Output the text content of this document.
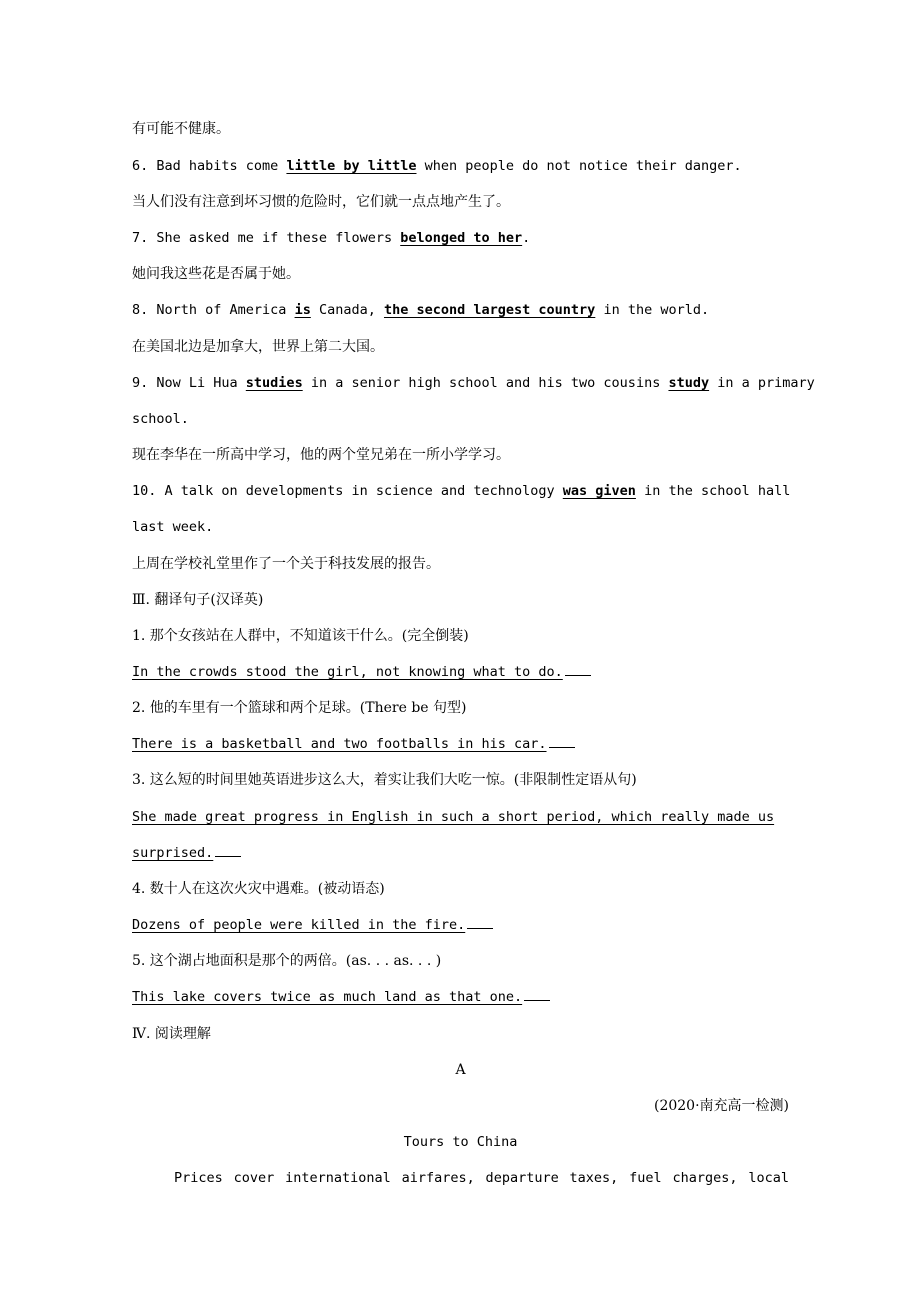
有可能不健康。
6. Bad habits come little by little when people do not notice their danger.
当人们没有注意到坏习惯的危险时，它们就一点点地产生了。
7. She asked me if these flowers belonged to her.
她问我这些花是否属于她。
8. North of America is Canada, the second largest country in the world.
在美国北边是加拿大，世界上第二大国。
9. Now Li Hua studies in a senior high school and his two cousins study in a primary
school.
现在李华在一所高中学习，他的两个堂兄弟在一所小学学习。
10. A talk on developments in science and technology was given in the school hall
last week.
上周在学校礼堂里作了一个关于科技发展的报告。
Ⅲ. 翻译句子(汉译英)
1. 那个女孩站在人群中，不知道该干什么。(完全倒装)
In the crowds stood the girl, not knowing what to do.
2. 他的车里有一个篮球和两个足球。(There be 句型)
There is a basketball and two footballs in his car.
3. 这么短的时间里她英语进步这么大，着实让我们大吃一惊。(非限制性定语从句)
She made great progress in English in such a short period, which really made us
surprised.
4. 数十人在这次火灾中遇难。(被动语态)
Dozens of people were killed in the fire.
5. 这个湖占地面积是那个的两倍。(as. . . as. . . )
This lake covers twice as much land as that one.
Ⅳ. 阅读理解
A
(2020·南充高一检测)
Tours to China
Prices cover international airfares, departure taxes, fuel charges, local
